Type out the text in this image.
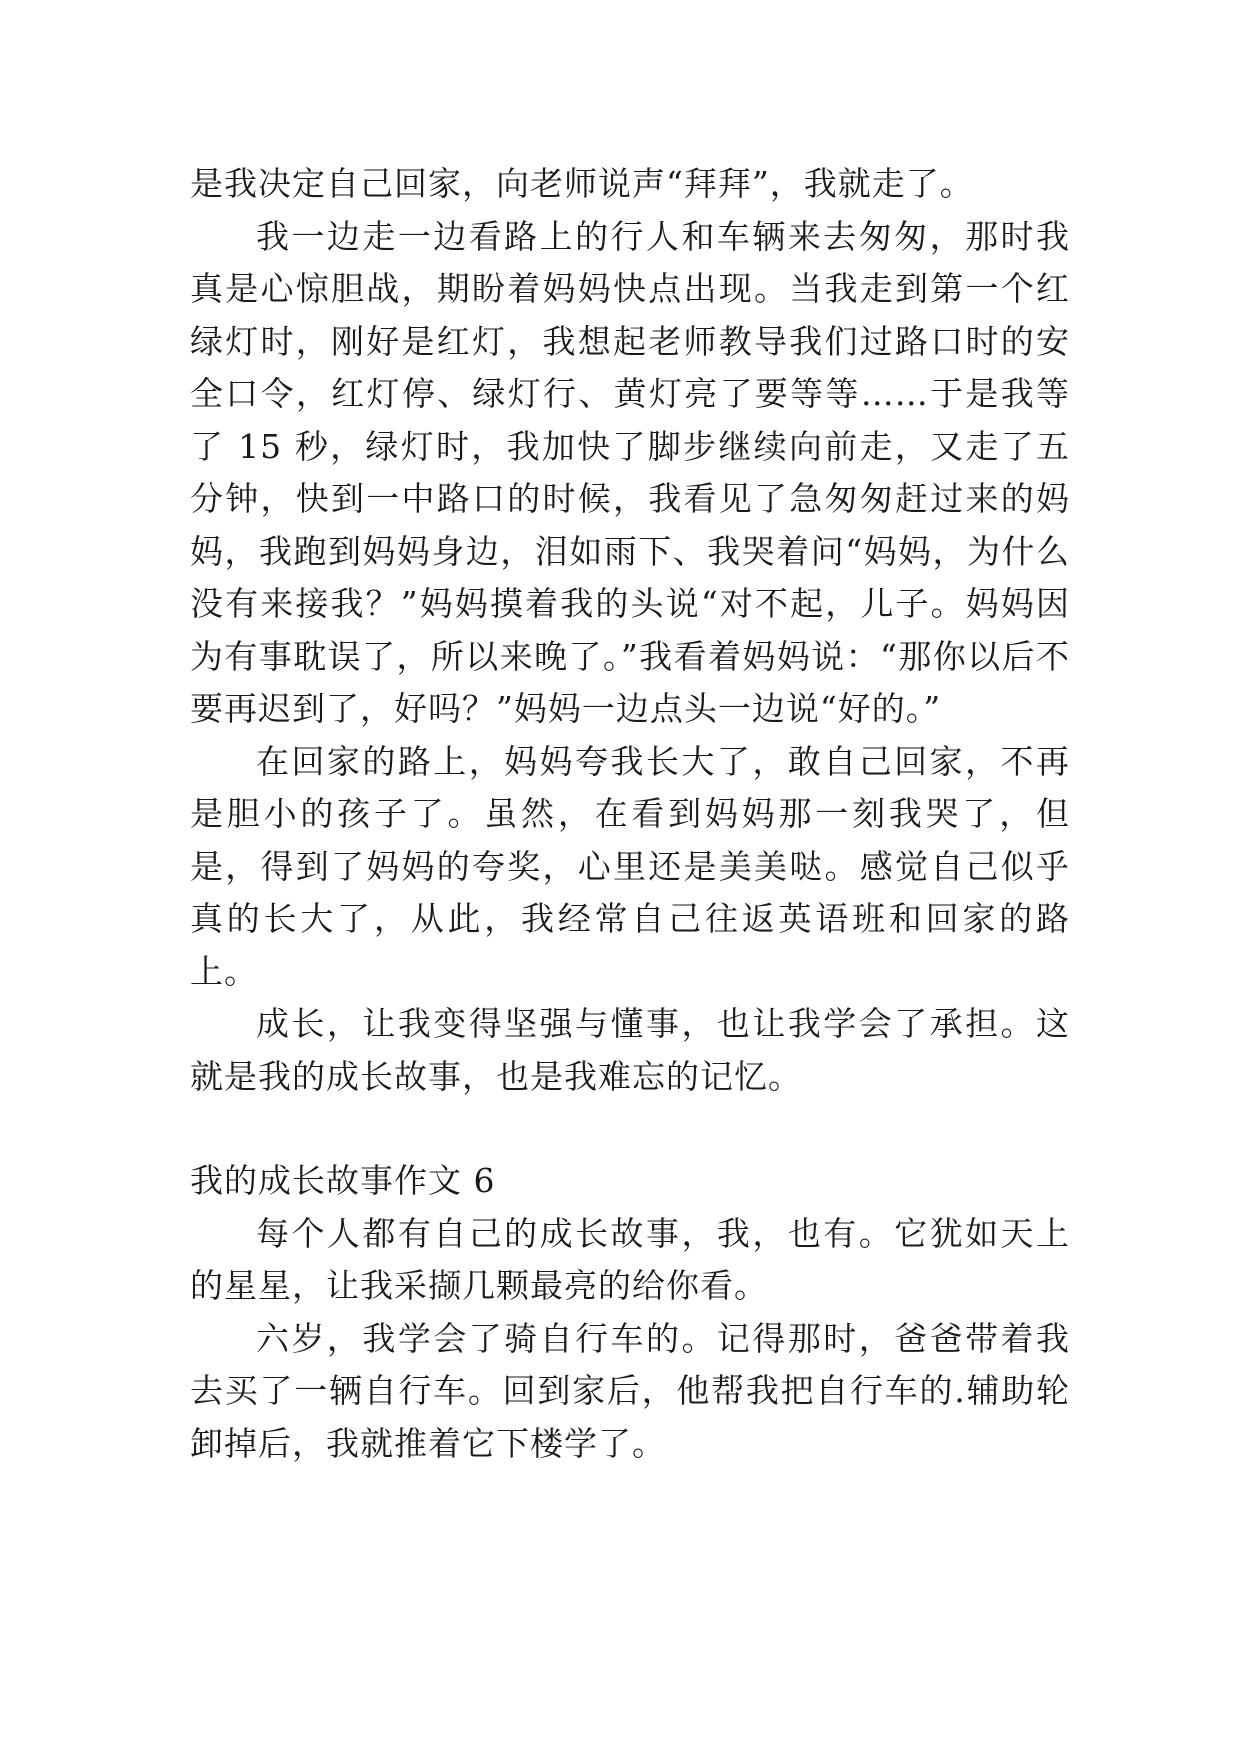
是我决定自己回家，向老师说声“拜拜”，我就走了。

我一边走一边看路上的行人和车辆来去匆匆，那时我真是心惊胆战，期盼着妈妈快点出现。当我走到第一个红绿灯时，刚好是红灯，我想起老师教导我们过路口时的安全口令，红灯停、绿灯行、黄灯亮了要等等……于是我等了 15 秒，绿灯时，我加快了脚步继续向前走，又走了五分钟，快到一中路口的时候，我看见了急匆匆赶过来的妈妈，我跑到妈妈身边，泪如雨下、我哭着问“妈妈，为什么没有来接我？”妈妈摸着我的头说“对不起，儿子。妈妈因为有事耽误了，所以来晚了。”我看着妈妈说：“那你以后不要再迟到了，好吗？”妈妈一边点头一边说“好的。”

在回家的路上，妈妈夸我长大了，敢自己回家，不再是胆小的孩子了。虽然，在看到妈妈那一刻我哭了，但是，得到了妈妈的夸奖，心里还是美美哒。感觉自己似乎真的长大了，从此，我经常自己往返英语班和回家的路上。

成长，让我变得坚强与懂事，也让我学会了承担。这就是我的成长故事，也是我难忘的记忆。

我的成长故事作文 6

每个人都有自己的成长故事，我，也有。它犹如天上的星星，让我采撷几颗最亮的给你看。

六岁，我学会了骑自行车的。记得那时，爸爸带着我去买了一辆自行车。回到家后，他帮我把自行车的.辅助轮卸掉后，我就推着它下楼学了。
